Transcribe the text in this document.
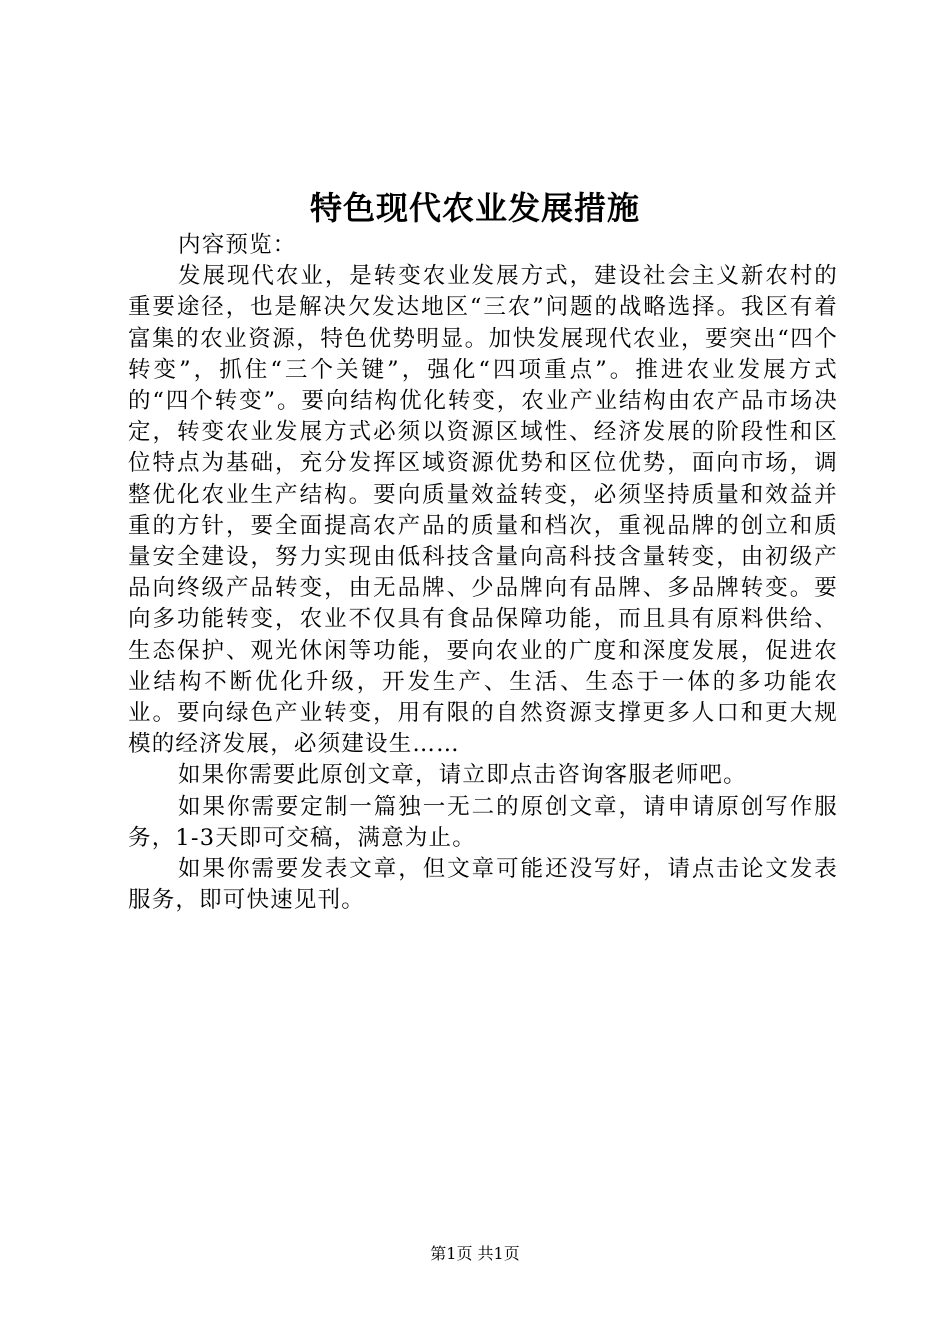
特色现代农业发展措施

内容预览：

发展现代农业，是转变农业发展方式，建设社会主义新农村的重要途径，也是解决欠发达地区“三农”问题的战略选择。我区有着富集的农业资源，特色优势明显。加快发展现代农业，要突出“四个转变”，抓住“三个关键”，强化“四项重点”。推进农业发展方式的“四个转变”。要向结构优化转变，农业产业结构由农产品市场决定，转变农业发展方式必须以资源区域性、经济发展的阶段性和区位特点为基础，充分发挥区域资源优势和区位优势，面向市场，调整优化农业生产结构。要向质量效益转变，必须坚持质量和效益并重的方针，要全面提高农产品的质量和档次，重视品牌的创立和质量安全建设，努力实现由低科技含量向高科技含量转变，由初级产品向终级产品转变，由无品牌、少品牌向有品牌、多品牌转变。要向多功能转变，农业不仅具有食品保障功能，而且具有原料供给、生态保护、观光休闲等功能，要向农业的广度和深度发展，促进农业结构不断优化升级，开发生产、生活、生态于一体的多功能农业。要向绿色产业转变，用有限的自然资源支撑更多人口和更大规模的经济发展，必须建设生……

如果你需要此原创文章，请立即点击咨询客服老师吧。

如果你需要定制一篇独一无二的原创文章，请申请原创写作服务，1-3天即可交稿，满意为止。

如果你需要发表文章，但文章可能还没写好，请点击论文发表服务，即可快速见刊。

第1页 共1页
